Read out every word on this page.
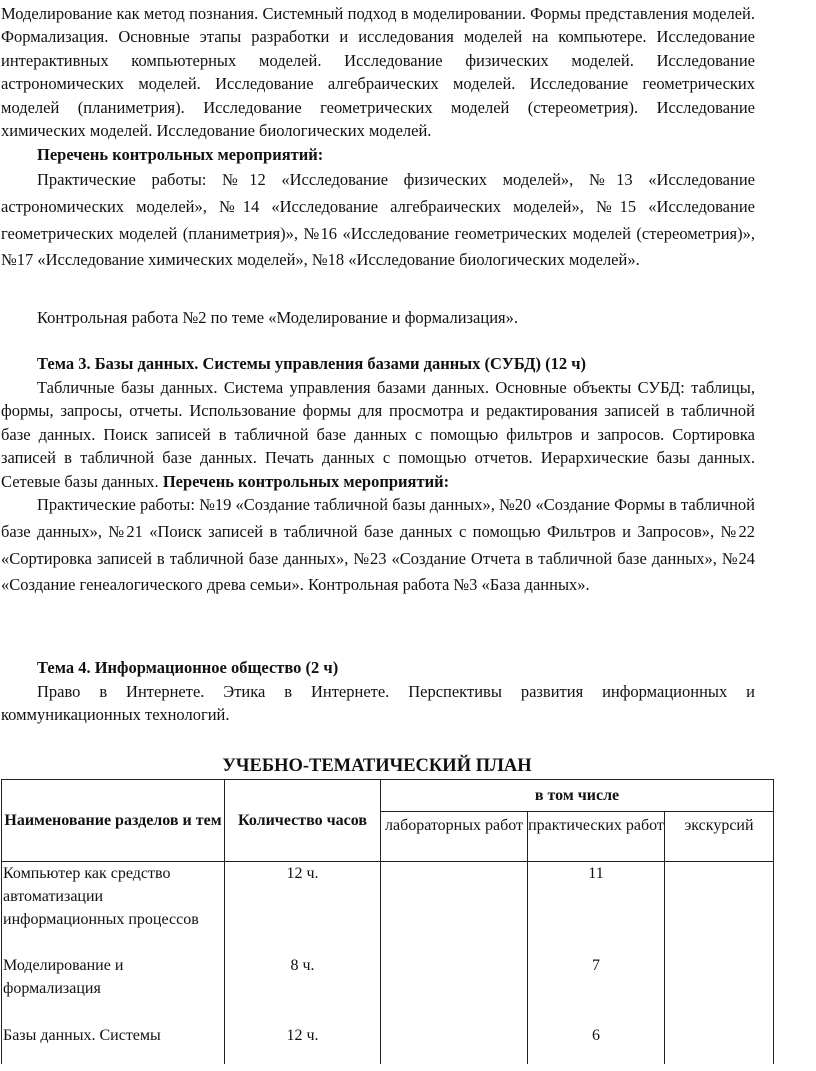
Моделирование как метод познания. Системный подход в моделировании. Формы представления моделей. Формализация. Основные этапы разработки и исследования моделей на компьютере. Исследование интерактивных компьютерных моделей. Исследование физических моделей. Исследование астрономических моделей. Исследование алгебраических моделей. Исследование геометрических моделей (планиметрия). Исследование геометрических моделей (стереометрия). Исследование химических моделей. Исследование биологических моделей.

Перечень контрольных мероприятий:

Практические работы: №12 «Исследование физических моделей», №13 «Исследование астрономических моделей», №14 «Исследование алгебраических моделей», №15 «Исследование геометрических моделей (планиметрия)», №16 «Исследование геометрических моделей (стереометрия)», №17 «Исследование химических моделей», №18 «Исследование биологических моделей».

Контрольная работа №2 по теме «Моделирование и формализация».

Тема 3. Базы данных. Системы управления базами данных (СУБД) (12 ч)

Табличные базы данных. Система управления базами данных. Основные объекты СУБД: таблицы, формы, запросы, отчеты. Использование формы для просмотра и редактирования записей в табличной базе данных. Поиск записей в табличной базе данных с помощью фильтров и запросов. Сортировка записей в табличной базе данных. Печать данных с помощью отчетов. Иерархические базы данных. Сетевые базы данных. Перечень контрольных мероприятий:

Практические работы: №19 «Создание табличной базы данных», №20 «Создание Формы в табличной базе данных», №21 «Поиск записей в табличной базе данных с помощью Фильтров и Запросов», №22 «Сортировка записей в табличной базе данных», №23 «Создание Отчета в табличной базе данных», №24 «Создание генеалогического древа семьи». Контрольная работа №3 «База данных».

Тема 4. Информационное общество (2 ч)

Право в Интернете. Этика в Интернете. Перспективы развития информационных и коммуникационных технологий.

УЧЕБНО-ТЕМАТИЧЕСКИЙ ПЛАН

Наименование разделов и тем	Количество часов	в том числе		
		лабораторных работ	практических работ	экскурсий
Компьютер как средство автоматизации информационных процессов	12 ч.		11	
Моделирование и формализация	8 ч.		7	
Базы данных. Системы	12 ч.		6	
